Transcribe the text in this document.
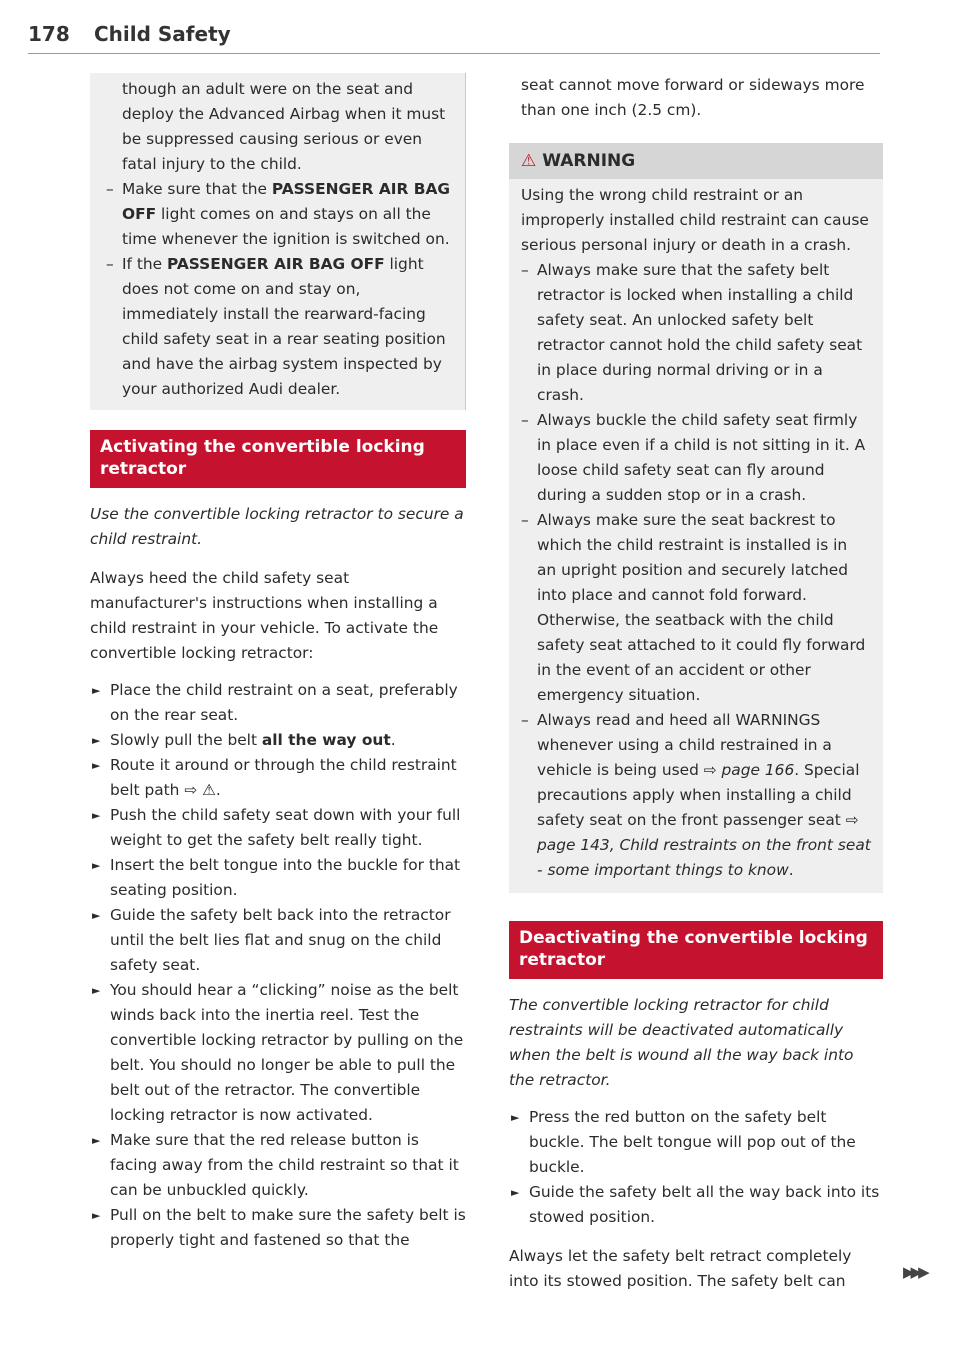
178 Child Safety

though an adult were on the seat and deploy the Advanced Airbag when it must be suppressed causing serious or even fatal injury to the child.

– Make sure that the PASSENGER AIR BAG OFF light comes on and stays on all the time whenever the ignition is switched on.

– If the PASSENGER AIR BAG OFF light does not come on and stay on, immediately install the rearward-facing child safety seat in a rear seating position and have the airbag system inspected by your authorized Audi dealer.

Activating the convertible locking retractor

Use the convertible locking retractor to secure a child restraint.

Always heed the child safety seat manufacturer's instructions when installing a child restraint in your vehicle. To activate the convertible locking retractor:

► Place the child restraint on a seat, preferably on the rear seat.
► Slowly pull the belt all the way out.
► Route it around or through the child restraint belt path ⇨ ⚠.
► Push the child safety seat down with your full weight to get the safety belt really tight.
► Insert the belt tongue into the buckle for that seating position.
► Guide the safety belt back into the retractor until the belt lies flat and snug on the child safety seat.
► You should hear a “clicking” noise as the belt winds back into the inertia reel. Test the convertible locking retractor by pulling on the belt. You should no longer be able to pull the belt out of the retractor. The convertible locking retractor is now activated.
► Make sure that the red release button is facing away from the child restraint so that it can be unbuckled quickly.
► Pull on the belt to make sure the safety belt is properly tight and fastened so that the

seat cannot move forward or sideways more than one inch (2.5 cm).

⚠ WARNING

Using the wrong child restraint or an improperly installed child restraint can cause serious personal injury or death in a crash.

– Always make sure that the safety belt retractor is locked when installing a child safety seat. An unlocked safety belt retractor cannot hold the child safety seat in place during normal driving or in a crash.

– Always buckle the child safety seat firmly in place even if a child is not sitting in it. A loose child safety seat can fly around during a sudden stop or in a crash.

– Always make sure the seat backrest to which the child restraint is installed is in an upright position and securely latched into place and cannot fold forward. Otherwise, the seatback with the child safety seat attached to it could fly forward in the event of an accident or other emergency situation.

– Always read and heed all WARNINGS whenever using a child restrained in a vehicle is being used ⇨ page 166. Special precautions apply when installing a child safety seat on the front passenger seat ⇨ page 143, Child restraints on the front seat - some important things to know.

Deactivating the convertible locking retractor

The convertible locking retractor for child restraints will be deactivated automatically when the belt is wound all the way back into the retractor.

► Press the red button on the safety belt buckle. The belt tongue will pop out of the buckle.
► Guide the safety belt all the way back into its stowed position.

Always let the safety belt retract completely into its stowed position. The safety belt can	▶▶▶
